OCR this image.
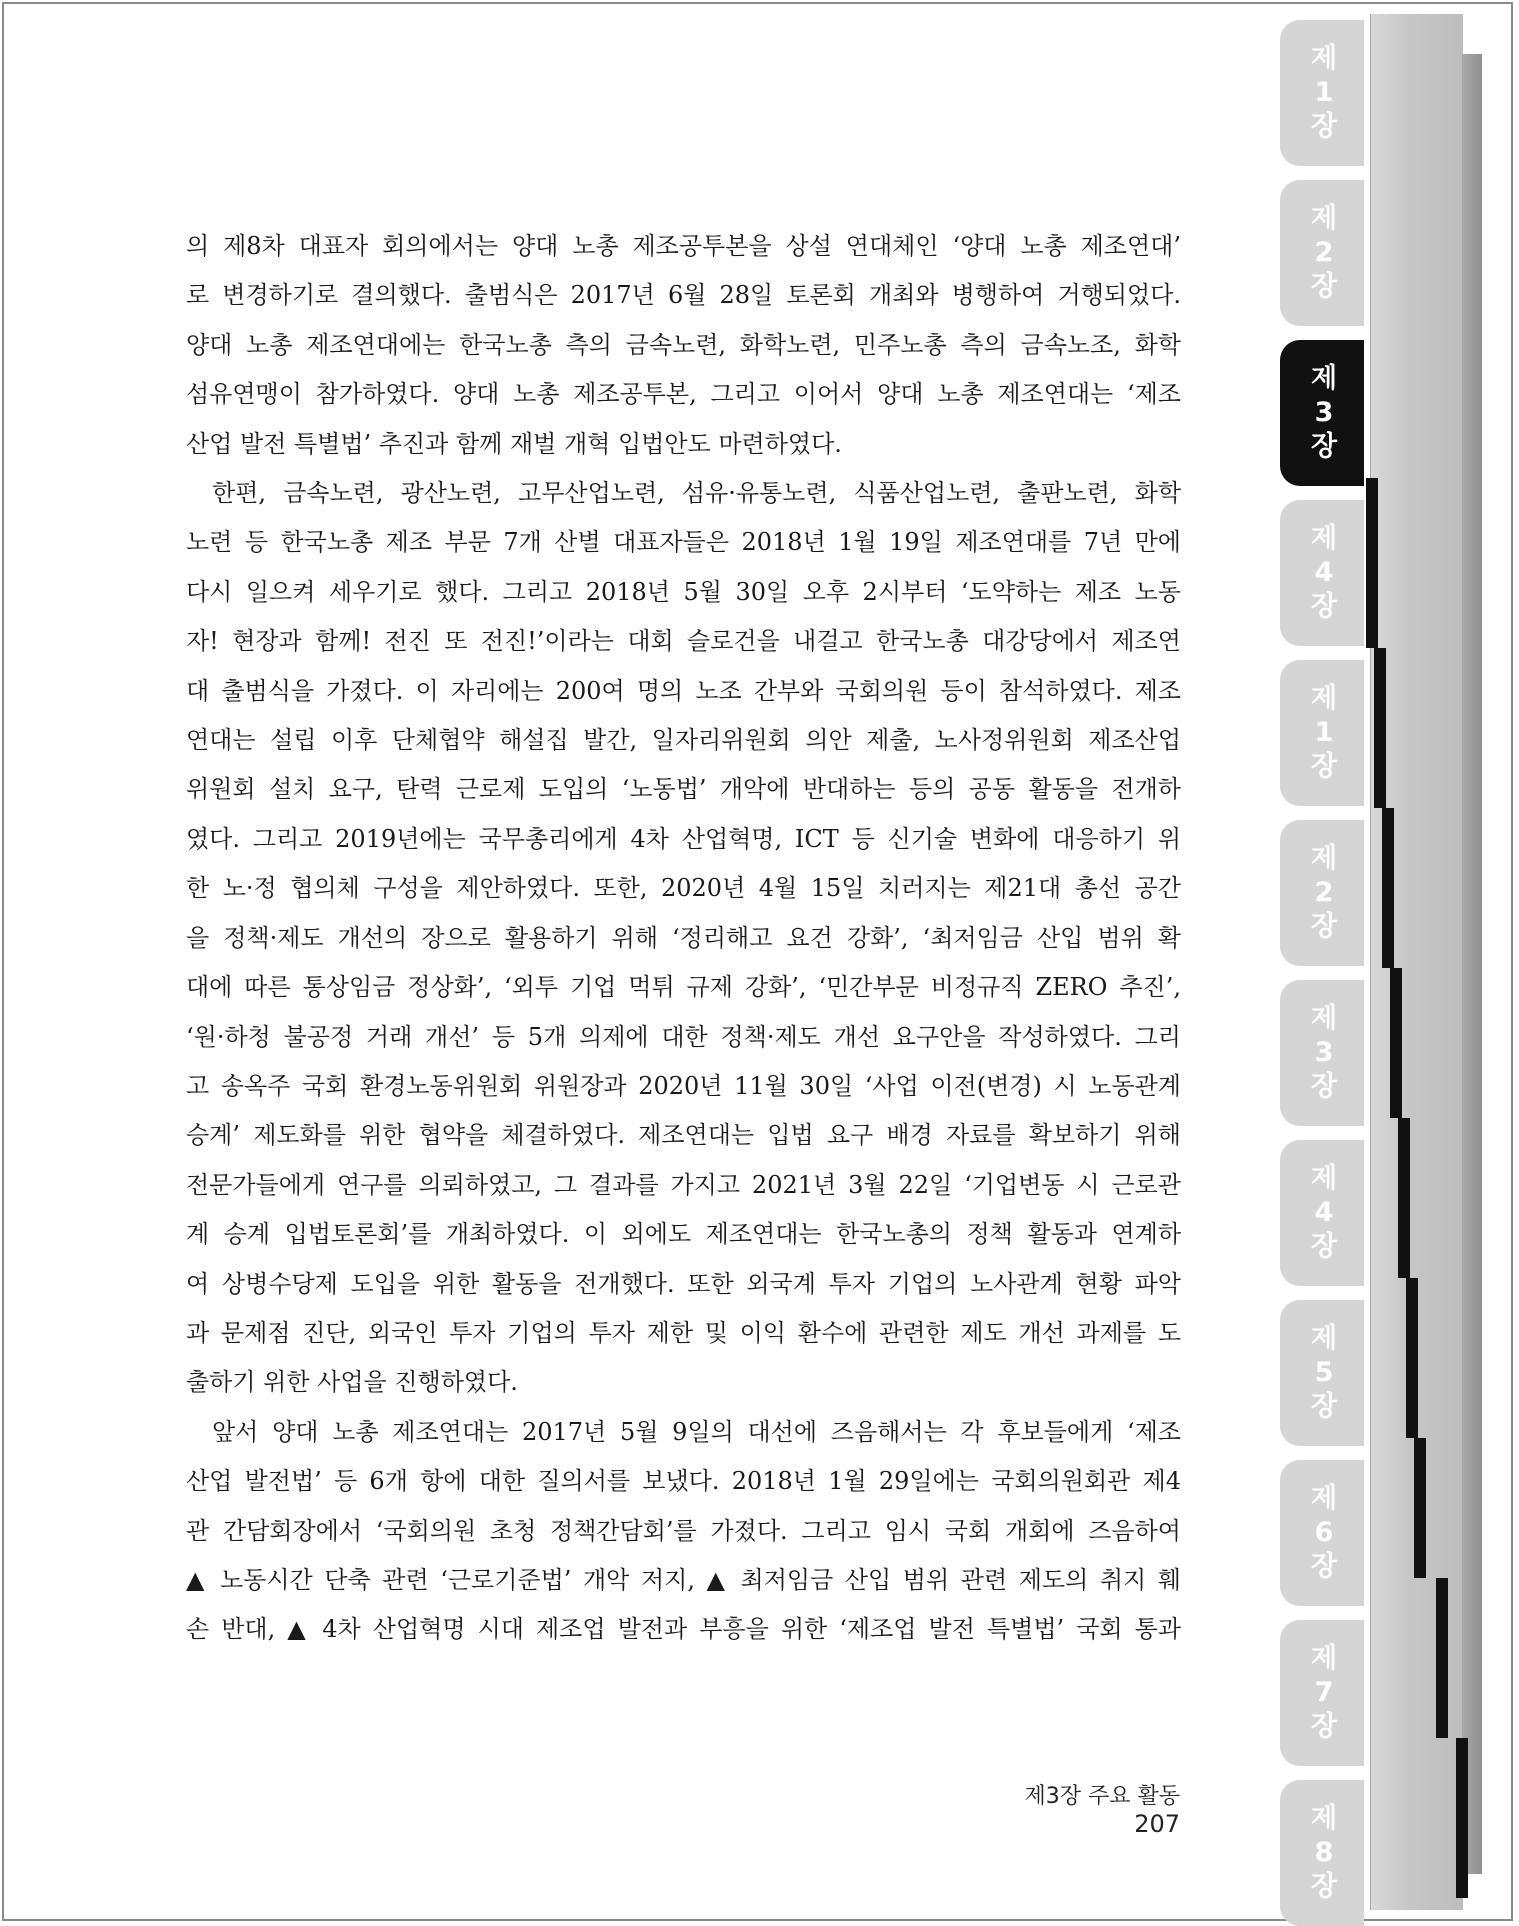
제
1
장
제
2
장
제
3
장
제
4
장
제
1
장
제
2
장
제
3
장
제
4
장
제
5
장
제
6
장
제
7
장
제
8
장

의 제8차 대표자 회의에서는 양대 노총 제조공투본을 상설 연대체인 ‘양대 노총 제조연대’
로 변경하기로 결의했다. 출범식은 2017년 6월 28일 토론회 개최와 병행하여 거행되었다.
양대 노총 제조연대에는 한국노총 측의 금속노련, 화학노련, 민주노총 측의 금속노조, 화학
섬유연맹이 참가하였다. 양대 노총 제조공투본, 그리고 이어서 양대 노총 제조연대는 ‘제조
산업 발전 특별법’ 추진과 함께 재벌 개혁 입법안도 마련하였다.

한편, 금속노련, 광산노련, 고무산업노련, 섬유·유통노련, 식품산업노련, 출판노련, 화학
노련 등 한국노총 제조 부문 7개 산별 대표자들은 2018년 1월 19일 제조연대를 7년 만에
다시 일으켜 세우기로 했다. 그리고 2018년 5월 30일 오후 2시부터 ‘도약하는 제조 노동
자! 현장과 함께! 전진 또 전진!’이라는 대회 슬로건을 내걸고 한국노총 대강당에서 제조연
대 출범식을 가졌다. 이 자리에는 200여 명의 노조 간부와 국회의원 등이 참석하였다. 제조
연대는 설립 이후 단체협약 해설집 발간, 일자리위원회 의안 제출, 노사정위원회 제조산업
위원회 설치 요구, 탄력 근로제 도입의 ‘노동법’ 개악에 반대하는 등의 공동 활동을 전개하
였다. 그리고 2019년에는 국무총리에게 4차 산업혁명, ICT 등 신기술 변화에 대응하기 위
한 노·정 협의체 구성을 제안하였다. 또한, 2020년 4월 15일 치러지는 제21대 총선 공간
을 정책·제도 개선의 장으로 활용하기 위해 ‘정리해고 요건 강화’, ‘최저임금 산입 범위 확
대에 따른 통상임금 정상화’, ‘외투 기업 먹튀 규제 강화’, ‘민간부문 비정규직 ZERO 추진’,
‘원·하청 불공정 거래 개선’ 등 5개 의제에 대한 정책·제도 개선 요구안을 작성하였다. 그리
고 송옥주 국회 환경노동위원회 위원장과 2020년 11월 30일 ‘사업 이전(변경) 시 노동관계
승계’ 제도화를 위한 협약을 체결하였다. 제조연대는 입법 요구 배경 자료를 확보하기 위해
전문가들에게 연구를 의뢰하였고, 그 결과를 가지고 2021년 3월 22일 ‘기업변동 시 근로관
계 승계 입법토론회’를 개최하였다. 이 외에도 제조연대는 한국노총의 정책 활동과 연계하
여 상병수당제 도입을 위한 활동을 전개했다. 또한 외국계 투자 기업의 노사관계 현황 파악
과 문제점 진단, 외국인 투자 기업의 투자 제한 및 이익 환수에 관련한 제도 개선 과제를 도
출하기 위한 사업을 진행하였다.

앞서 양대 노총 제조연대는 2017년 5월 9일의 대선에 즈음해서는 각 후보들에게 ‘제조
산업 발전법’ 등 6개 항에 대한 질의서를 보냈다. 2018년 1월 29일에는 국회의원회관 제4
관 간담회장에서 ‘국회의원 초청 정책간담회’를 가졌다. 그리고 임시 국회 개회에 즈음하여
▲ 노동시간 단축 관련 ‘근로기준법’ 개악 저지, ▲ 최저임금 산입 범위 관련 제도의 취지 훼
손 반대, ▲ 4차 산업혁명 시대 제조업 발전과 부흥을 위한 ‘제조업 발전 특별법’ 국회 통과

제3장 주요 활동207
